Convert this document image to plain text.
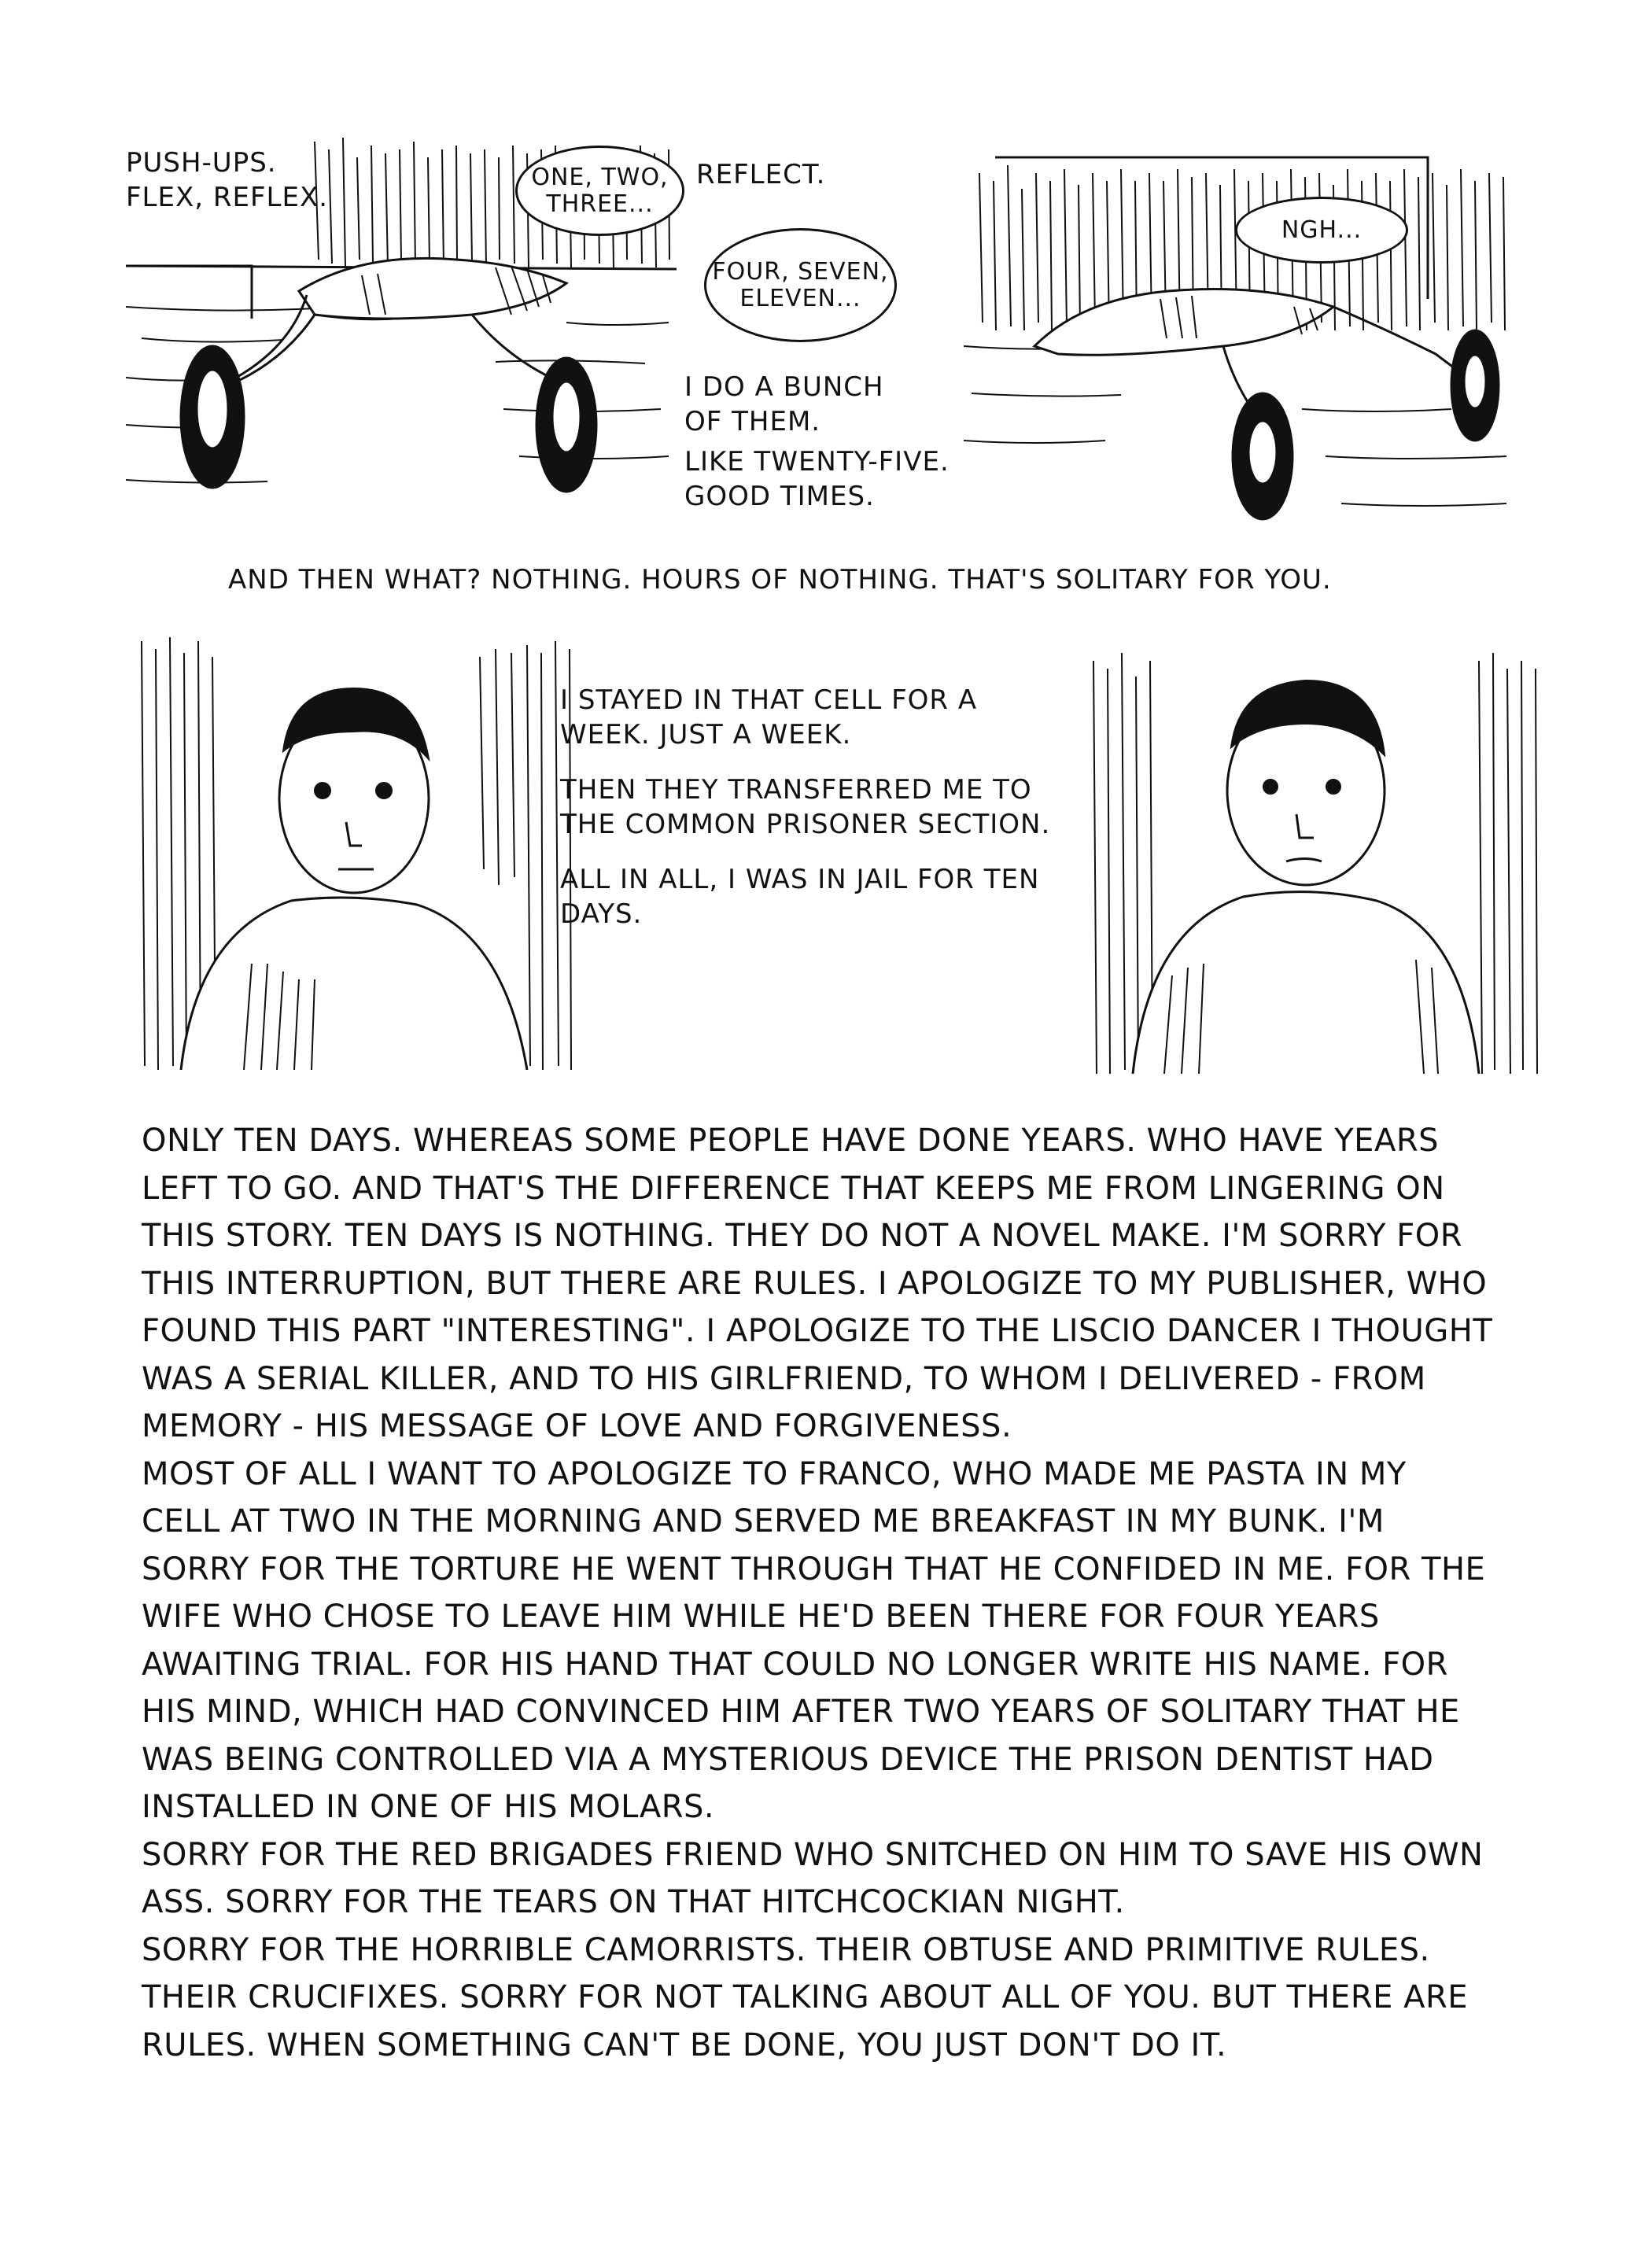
PUSH-UPS.
FLEX, REFLEX.
ONE, TWO, THREE...
REFLECT.
FOUR, SEVEN, ELEVEN...
I DO A BUNCH
OF THEM.
LIKE TWENTY-FIVE.
GOOD TIMES.
NGH...
AND THEN WHAT? NOTHING. HOURS OF NOTHING. THAT'S SOLITARY FOR YOU.

I STAYED IN THAT CELL FOR A WEEK. JUST A WEEK.

THEN THEY TRANSFERRED ME TO THE COMMON PRISONER SECTION.

ALL IN ALL, I WAS IN JAIL FOR TEN DAYS.

ONLY TEN DAYS. WHEREAS SOME PEOPLE HAVE DONE YEARS. WHO HAVE YEARS LEFT TO GO. AND THAT'S THE DIFFERENCE THAT KEEPS ME FROM LINGERING ON THIS STORY. TEN DAYS IS NOTHING. THEY DO NOT A NOVEL MAKE. I'M SORRY FOR THIS INTERRUPTION, BUT THERE ARE RULES. I APOLOGIZE TO MY PUBLISHER, WHO FOUND THIS PART "INTERESTING". I APOLOGIZE TO THE LISCIO DANCER I THOUGHT WAS A SERIAL KILLER, AND TO HIS GIRLFRIEND, TO WHOM I DELIVERED - FROM MEMORY - HIS MESSAGE OF LOVE AND FORGIVENESS.

MOST OF ALL I WANT TO APOLOGIZE TO FRANCO, WHO MADE ME PASTA IN MY CELL AT TWO IN THE MORNING AND SERVED ME BREAKFAST IN MY BUNK. I'M SORRY FOR THE TORTURE HE WENT THROUGH THAT HE CONFIDED IN ME. FOR THE WIFE WHO CHOSE TO LEAVE HIM WHILE HE'D BEEN THERE FOR FOUR YEARS AWAITING TRIAL. FOR HIS HAND THAT COULD NO LONGER WRITE HIS NAME. FOR HIS MIND, WHICH HAD CONVINCED HIM AFTER TWO YEARS OF SOLITARY THAT HE WAS BEING CONTROLLED VIA A MYSTERIOUS DEVICE THE PRISON DENTIST HAD INSTALLED IN ONE OF HIS MOLARS.

SORRY FOR THE RED BRIGADES FRIEND WHO SNITCHED ON HIM TO SAVE HIS OWN ASS. SORRY FOR THE TEARS ON THAT HITCHCOCKIAN NIGHT.

SORRY FOR THE HORRIBLE CAMORRISTS. THEIR OBTUSE AND PRIMITIVE RULES. THEIR CRUCIFIXES. SORRY FOR NOT TALKING ABOUT ALL OF YOU. BUT THERE ARE RULES. WHEN SOMETHING CAN'T BE DONE, YOU JUST DON'T DO IT.
